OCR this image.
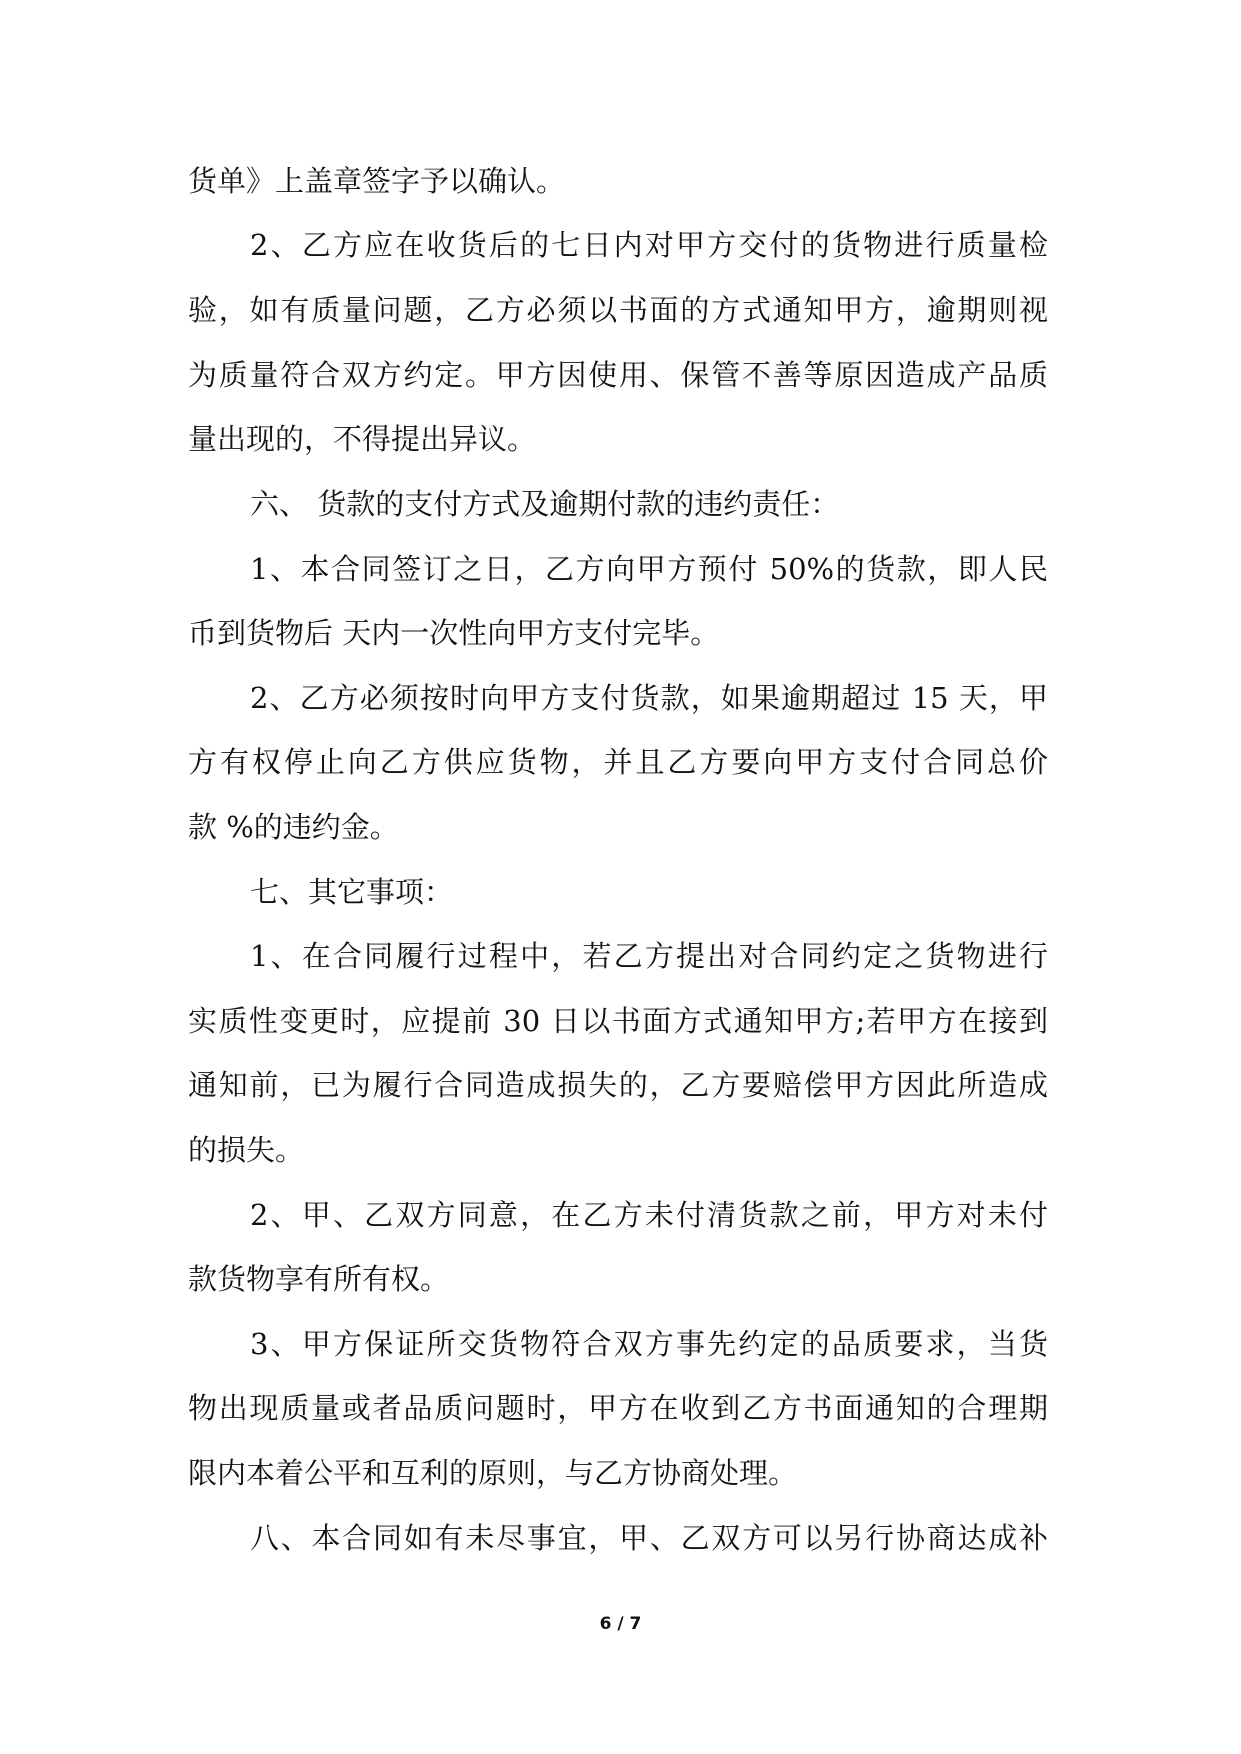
货单》上盖章签字予以确认。
2、乙方应在收货后的七日内对甲方交付的货物进行质量检
验，如有质量问题，乙方必须以书面的方式通知甲方，逾期则视
为质量符合双方约定。甲方因使用、保管不善等原因造成产品质
量出现的，不得提出异议。
六、 货款的支付方式及逾期付款的违约责任：
1、本合同签订之日，乙方向甲方预付 50%的货款，即人民
币到货物后 天内一次性向甲方支付完毕。
2、乙方必须按时向甲方支付货款，如果逾期超过 15 天，甲
方有权停止向乙方供应货物，并且乙方要向甲方支付合同总价
款 %的违约金。
七、其它事项：
1、在合同履行过程中，若乙方提出对合同约定之货物进行
实质性变更时，应提前 30 日以书面方式通知甲方;若甲方在接到
通知前，已为履行合同造成损失的，乙方要赔偿甲方因此所造成
的损失。
2、甲、乙双方同意，在乙方未付清货款之前，甲方对未付
款货物享有所有权。
3、甲方保证所交货物符合双方事先约定的品质要求，当货
物出现质量或者品质问题时，甲方在收到乙方书面通知的合理期
限内本着公平和互利的原则，与乙方协商处理。
八、本合同如有未尽事宜，甲、乙双方可以另行协商达成补
6 / 7
